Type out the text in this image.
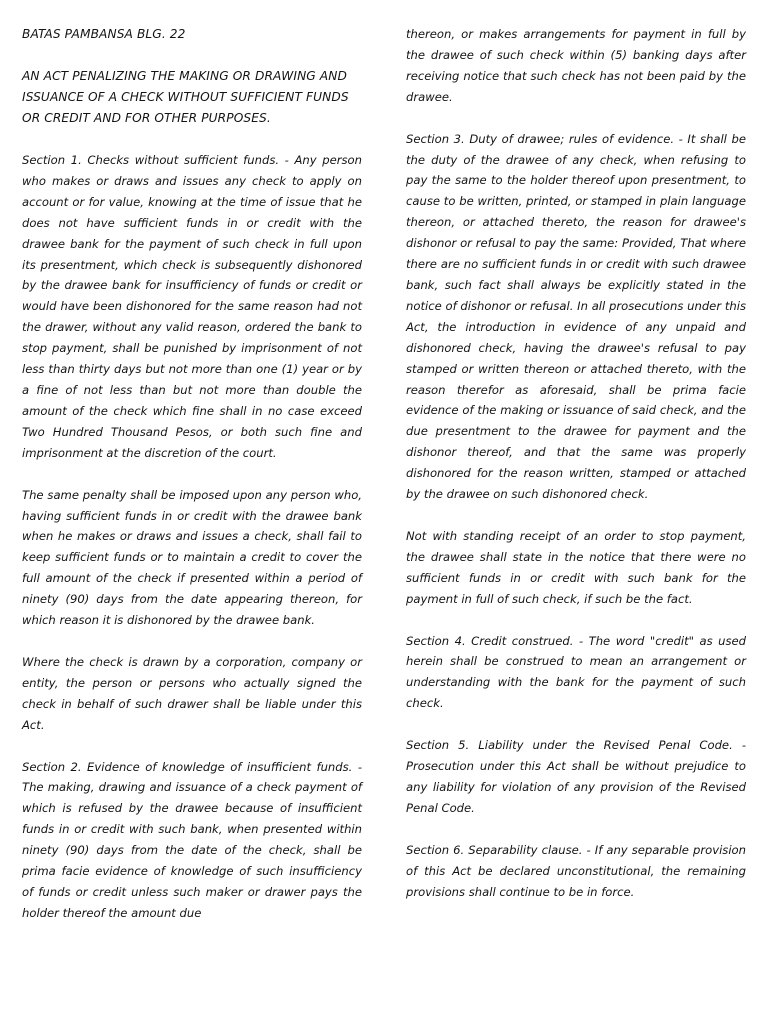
BATAS PAMBANSA BLG. 22
AN ACT PENALIZING THE MAKING OR DRAWING AND ISSUANCE OF A CHECK WITHOUT SUFFICIENT FUNDS OR CREDIT AND FOR OTHER PURPOSES.

Section 1. Checks without sufficient funds. - Any person who makes or draws and issues any check to apply on account or for value, knowing at the time of issue that he does not have sufficient funds in or credit with the drawee bank for the payment of such check in full upon its presentment, which check is subsequently dishonored by the drawee bank for insufficiency of funds or credit or would have been dishonored for the same reason had not the drawer, without any valid reason, ordered the bank to stop payment, shall be punished by imprisonment of not less than thirty days but not more than one (1) year or by a fine of not less than but not more than double the amount of the check which fine shall in no case exceed Two Hundred Thousand Pesos, or both such fine and imprisonment at the discretion of the court.

The same penalty shall be imposed upon any person who, having sufficient funds in or credit with the drawee bank when he makes or draws and issues a check, shall fail to keep sufficient funds or to maintain a credit to cover the full amount of the check if presented within a period of ninety (90) days from the date appearing thereon, for which reason it is dishonored by the drawee bank.

Where the check is drawn by a corporation, company or entity, the person or persons who actually signed the check in behalf of such drawer shall be liable under this Act.

Section 2. Evidence of knowledge of insufficient funds. - The making, drawing and issuance of a check payment of which is refused by the drawee because of insufficient funds in or credit with such bank, when presented within ninety (90) days from the date of the check, shall be prima facie evidence of knowledge of such insufficiency of funds or credit unless such maker or drawer pays the holder thereof the amount due

thereon, or makes arrangements for payment in full by the drawee of such check within (5) banking days after receiving notice that such check has not been paid by the drawee.

Section 3. Duty of drawee; rules of evidence. - It shall be the duty of the drawee of any check, when refusing to pay the same to the holder thereof upon presentment, to cause to be written, printed, or stamped in plain language thereon, or attached thereto, the reason for drawee's dishonor or refusal to pay the same: Provided, That where there are no sufficient funds in or credit with such drawee bank, such fact shall always be explicitly stated in the notice of dishonor or refusal. In all prosecutions under this Act, the introduction in evidence of any unpaid and dishonored check, having the drawee's refusal to pay stamped or written thereon or attached thereto, with the reason therefor as aforesaid, shall be prima facie evidence of the making or issuance of said check, and the due presentment to the drawee for payment and the dishonor thereof, and that the same was properly dishonored for the reason written, stamped or attached by the drawee on such dishonored check.

Not with standing receipt of an order to stop payment, the drawee shall state in the notice that there were no sufficient funds in or credit with such bank for the payment in full of such check, if such be the fact.

Section 4. Credit construed. - The word "credit" as used herein shall be construed to mean an arrangement or understanding with the bank for the payment of such check.

Section 5. Liability under the Revised Penal Code. - Prosecution under this Act shall be without prejudice to any liability for violation of any provision of the Revised Penal Code.

Section 6. Separability clause. - If any separable provision of this Act be declared unconstitutional, the remaining provisions shall continue to be in force.
